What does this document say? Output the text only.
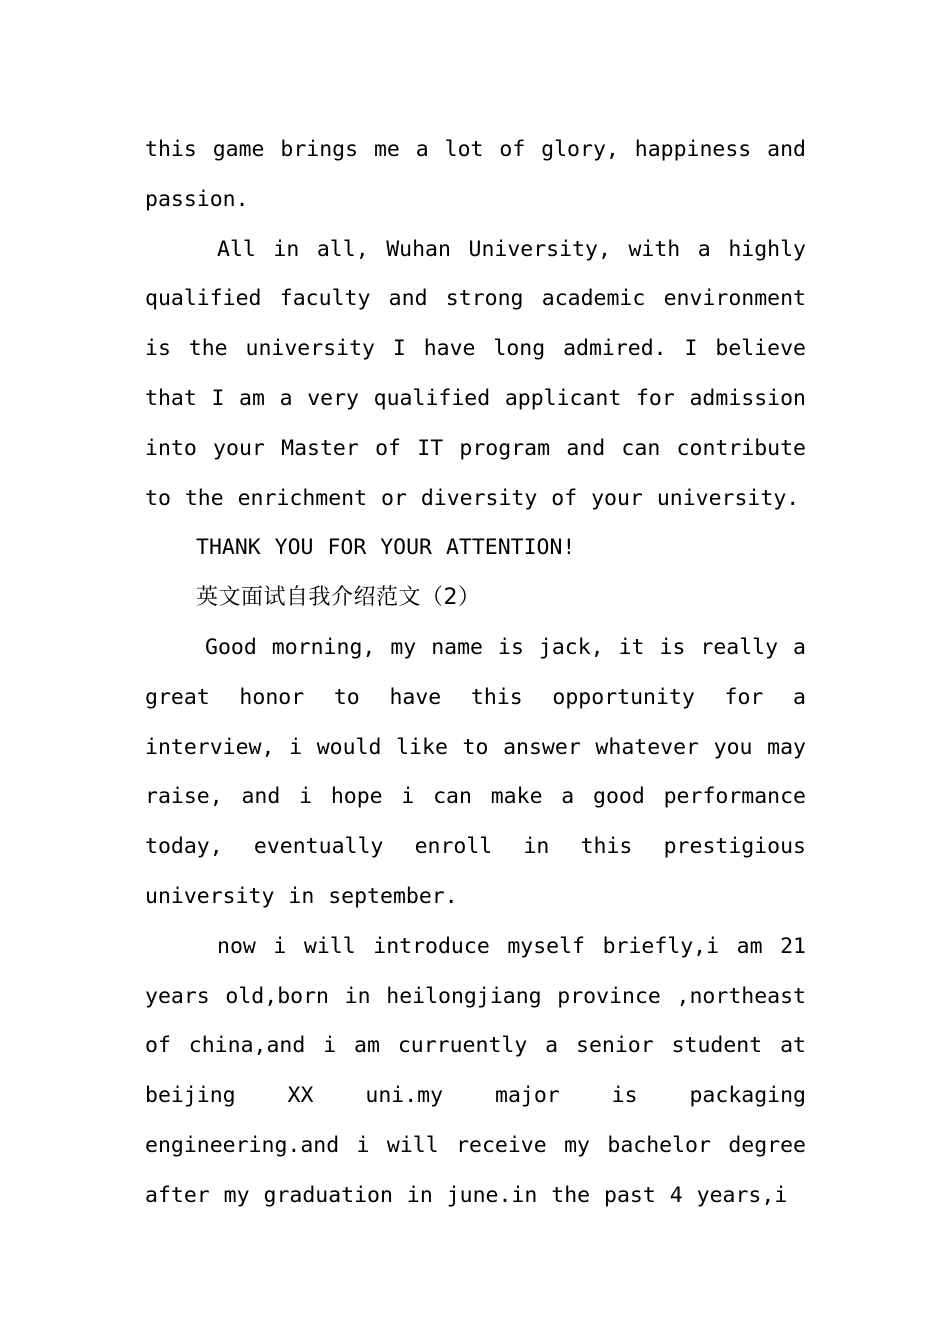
this game brings me a lot of glory, happiness and passion.

All in all, Wuhan University, with a highly qualified faculty and strong academic environment is the university I have long admired. I believe that I am a very qualified applicant for admission into your Master of IT program and can contribute to the enrichment or diversity of your university.

THANK YOU FOR YOUR ATTENTION!

英文面试自我介绍范文（2）

Good morning, my name is jack, it is really a great honor to have this opportunity for a interview, i would like to answer whatever you may raise, and i hope i can make a good performance today, eventually enroll in this prestigious university in september.

now i will introduce myself briefly,i am 21 years old,born in heilongjiang province ,northeast of china,and i am curruently a senior student at beijing XX uni.my major is packaging engineering.and i will receive my bachelor degree after my graduation in june.in the past 4 years,i
